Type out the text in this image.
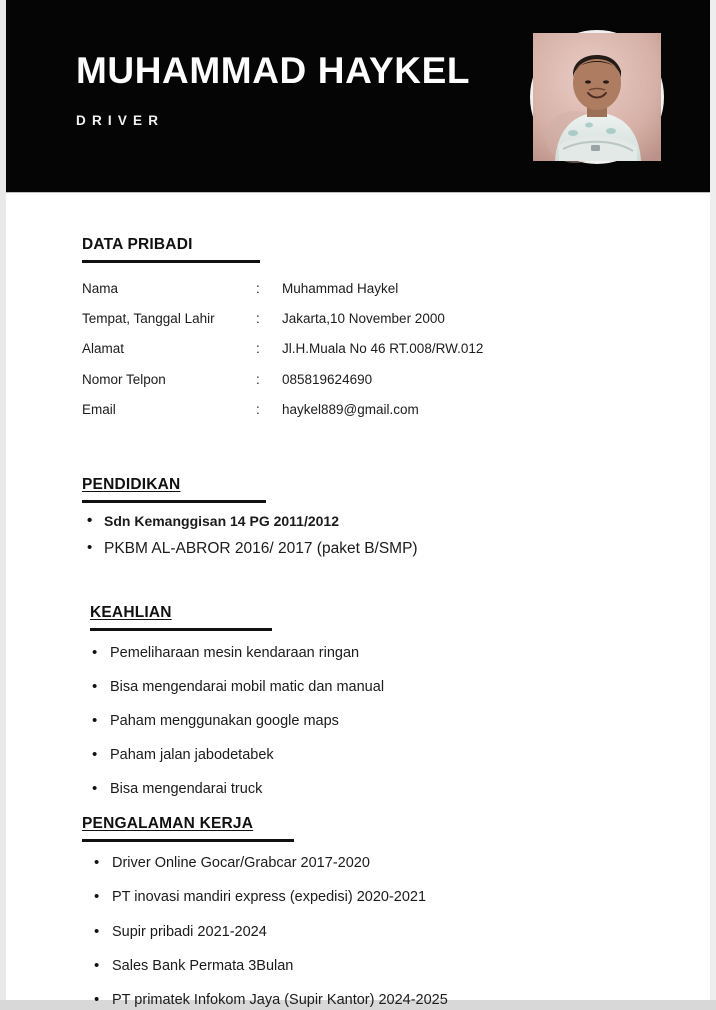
MUHAMMAD HAYKEL
DRIVER
DATA PRIBADI
Nama	:	Muhammad Haykel
Tempat, Tanggal Lahir	:	Jakarta,10 November 2000
Alamat	:	Jl.H.Muala No 46 RT.008/RW.012
Nomor Telpon	:	085819624690
Email	:	haykel889@gmail.com
PENDIDIKAN
• Sdn Kemanggisan 14 PG 2011/2012
• PKBM AL-ABROR 2016/ 2017 (paket B/SMP)
KEAHLIAN
• Pemeliharaan mesin kendaraan ringan
• Bisa mengendarai mobil matic dan manual
• Paham menggunakan google maps
• Paham jalan jabodetabek
• Bisa mengendarai truck
PENGALAMAN KERJA
• Driver Online Gocar/Grabcar 2017-2020
• PT inovasi mandiri express (expedisi) 2020-2021
• Supir pribadi 2021-2024
• Sales Bank Permata 3Bulan
• PT primatek Infokom Jaya (Supir Kantor) 2024-2025
